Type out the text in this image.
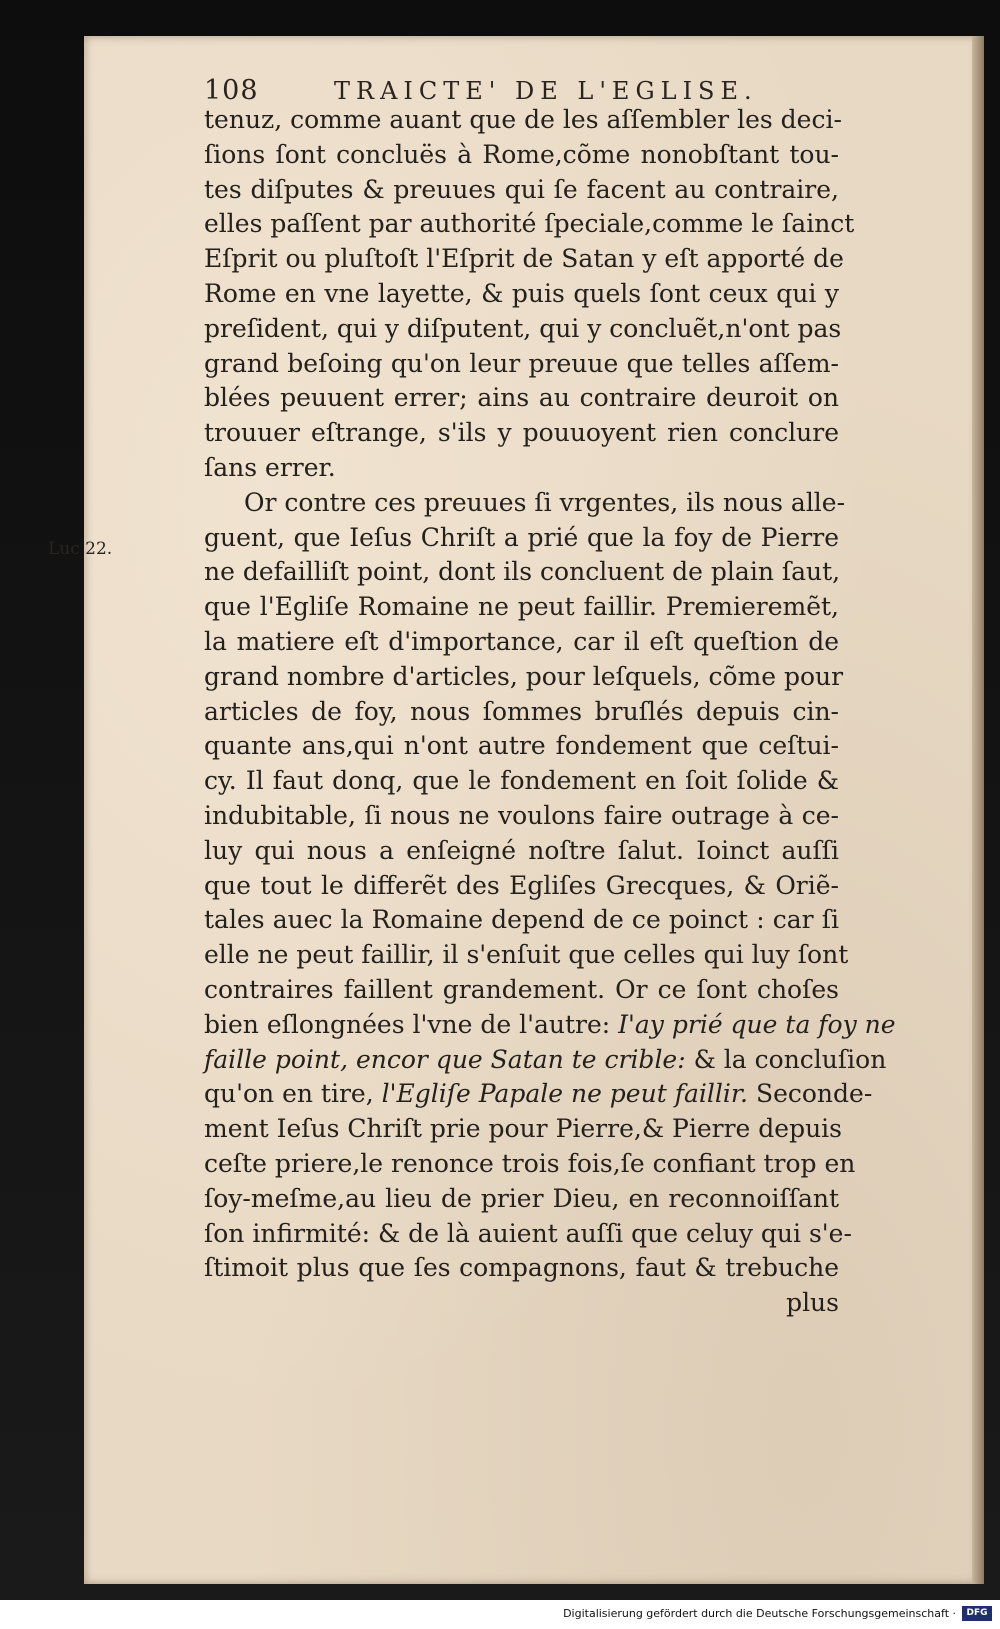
108	TRAICTE' DE L'EGLISE.
Luc 22.
tenuz, comme auant que de les aſſembler les deci-
ſions ſont concluës à Rome,cõme nonobſtant tou-
tes diſputes & preuues qui ſe facent au contraire,
elles paſſent par authorité ſpeciale,comme le ſainct
Eſprit ou pluſtoſt l'Eſprit de Satan y eſt apporté de
Rome en vne layette, & puis quels ſont ceux qui y
preſident, qui y diſputent, qui y concluẽt,n'ont pas
grand beſoing qu'on leur preuue que telles aſſem-
blées peuuent errer; ains au contraire deuroit on
trouuer eſtrange, s'ils y pouuoyent rien conclure
ſans errer.
Or contre ces preuues ſi vrgentes, ils nous alle-
guent, que Ieſus Chriſt a prié que la foy de Pierre
ne defailliſt point, dont ils concluent de plain ſaut,
que l'Egliſe Romaine ne peut faillir. Premieremẽt,
la matiere eſt d'importance, car il eſt queſtion de
grand nombre d'articles, pour leſquels, cõme pour
articles de foy, nous ſommes bruſlés depuis cin-
quante ans,qui n'ont autre fondement que ceſtui-
cy. Il faut donq, que le fondement en ſoit ſolide &
indubitable, ſi nous ne voulons faire outrage à ce-
luy qui nous a enſeigné noſtre ſalut. Ioinct auſſi
que tout le differẽt des Egliſes Grecques, & Oriẽ-
tales auec la Romaine depend de ce poinct : car ſi
elle ne peut faillir, il s'enſuit que celles qui luy ſont
contraires faillent grandement. Or ce ſont choſes
bien eſlongnées l'vne de l'autre: I'ay prié que ta foy ne
faille point, encor que Satan te crible: & la concluſion
qu'on en tire, l'Egliſe Papale ne peut faillir. Seconde-
ment Ieſus Chriſt prie pour Pierre,& Pierre depuis
ceſte priere,le renonce trois fois,ſe confiant trop en
ſoy-meſme,au lieu de prier Dieu, en reconnoiſſant
ſon infirmité: & de là auient auſſi que celuy qui s'e-
ſtimoit plus que ſes compagnons, faut & trebuche
plus
Digitalisierung gefördert durch die Deutsche Forschungsgemeinschaft ·	DFG
